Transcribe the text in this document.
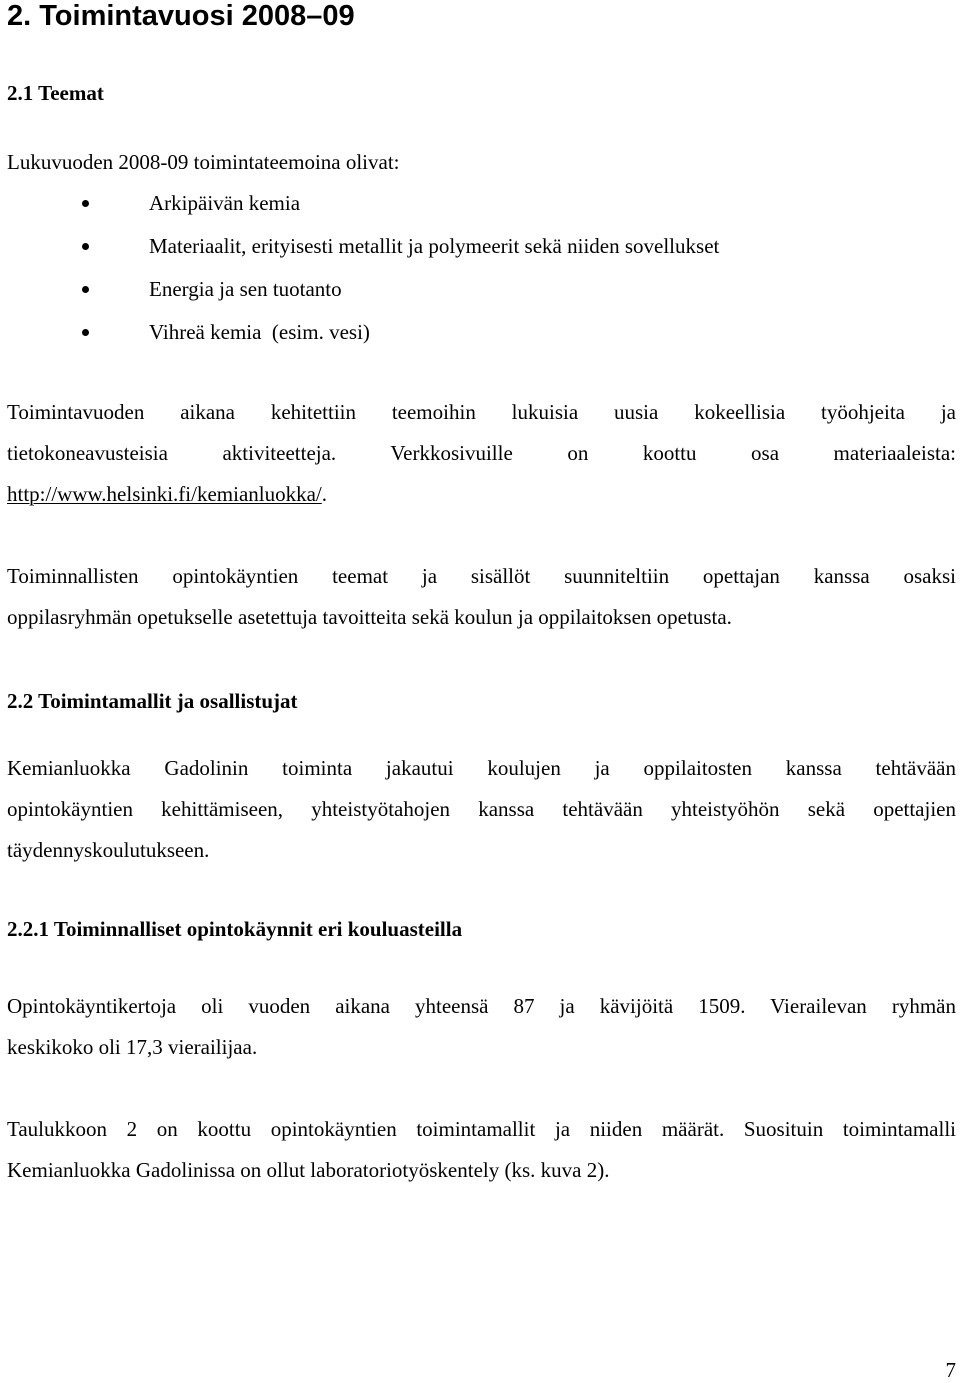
2. Toimintavuosi 2008–09
2.1 Teemat

Lukuvuoden 2008-09 toimintateemoina olivat:

Arkipäivän kemia
Materiaalit, erityisesti metallit ja polymeerit sekä niiden sovellukset
Energia ja sen tuotanto
Vihreä kemia  (esim. vesi)
Toimintavuoden aikana kehitettiin teemoihin lukuisia uusia kokeellisia työohjeita ja
tietokoneavusteisia aktiviteetteja. Verkkosivuille on koottu osa materiaaleista:
http://www.helsinki.fi/kemianluokka/.
Toiminnallisten opintokäyntien teemat ja sisällöt suunniteltiin opettajan kanssa osaksi
oppilasryhmän opetukselle asetettuja tavoitteita sekä koulun ja oppilaitoksen opetusta.
2.2 Toimintamallit ja osallistujat
Kemianluokka Gadolinin toiminta jakautui koulujen ja oppilaitosten kanssa tehtävään
opintokäyntien kehittämiseen, yhteistyötahojen kanssa tehtävään yhteistyöhön sekä opettajien
täydennyskoulutukseen.
2.2.1 Toiminnalliset opintokäynnit eri kouluasteilla
Opintokäyntikertoja oli vuoden aikana yhteensä 87 ja kävijöitä 1509. Vierailevan ryhmän
keskikoko oli 17,3 vierailijaa.
Taulukkoon 2 on koottu opintokäyntien toimintamallit ja niiden määrät. Suosituin toimintamalli
Kemianluokka Gadolinissa on ollut laboratoriotyöskentely (ks. kuva 2).

7
